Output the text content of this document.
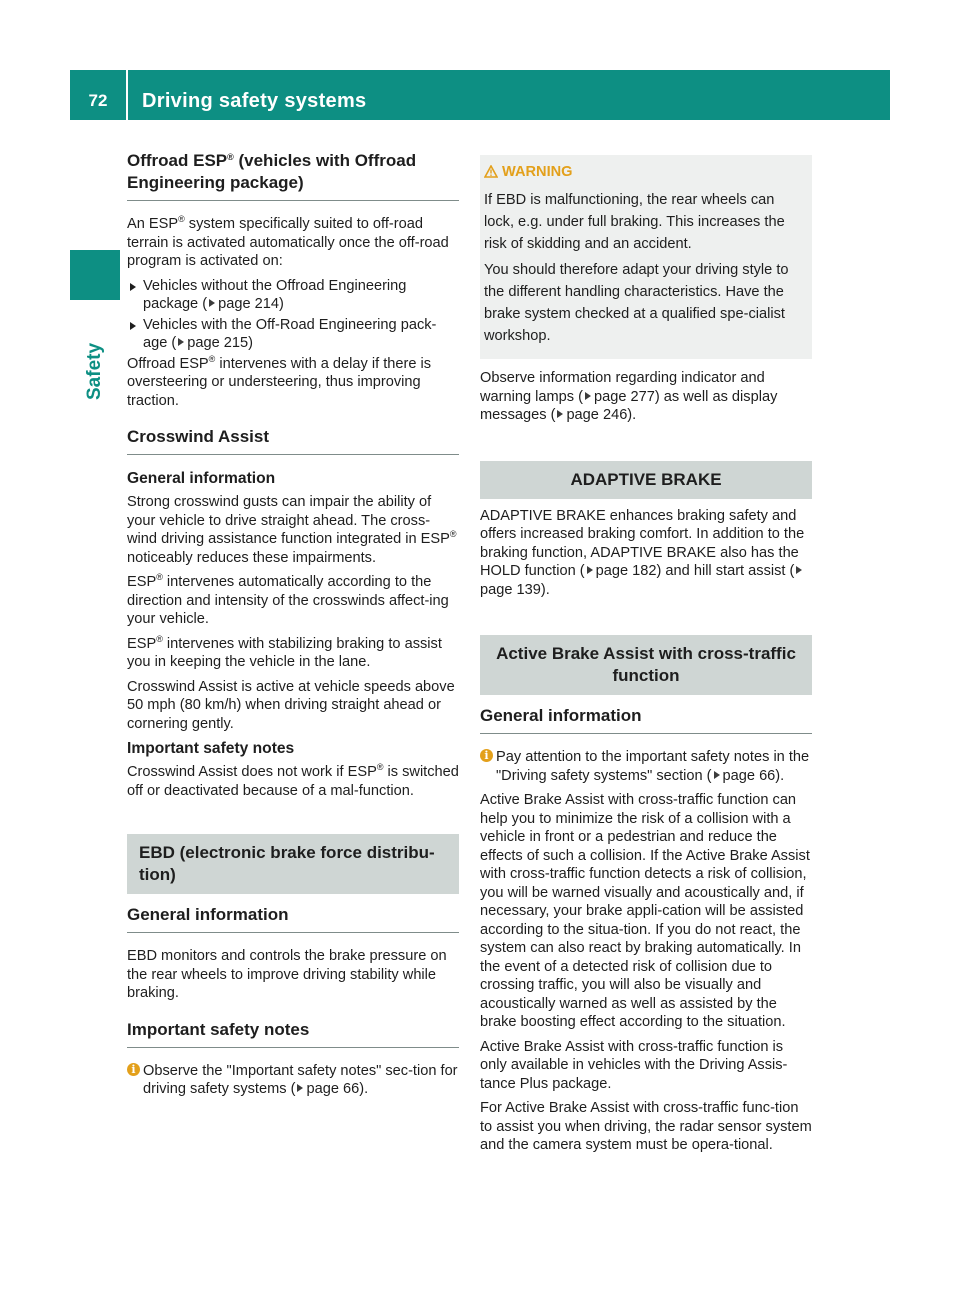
72	Driving safety systems
Safety
Offroad ESP® (vehicles with Offroad Engineering package)

An ESP® system specifically suited to off-road terrain is activated automatically once the off-road program is activated on:

Vehicles without the Offroad Engineering package ( page 214)
Vehicles with the Off-Road Engineering pack-age ( page 215)

Offroad ESP® intervenes with a delay if there is oversteering or understeering, thus improving traction.

Crosswind Assist
General information

Strong crosswind gusts can impair the ability of your vehicle to drive straight ahead. The cross-wind driving assistance function integrated in ESP® noticeably reduces these impairments.

ESP® intervenes automatically according to the direction and intensity of the crosswinds affect-ing your vehicle.

ESP® intervenes with stabilizing braking to assist you in keeping the vehicle in the lane.

Crosswind Assist is active at vehicle speeds above 50 mph (80 km/h) when driving straight ahead or cornering gently.

Important safety notes

Crosswind Assist does not work if ESP® is switched off or deactivated because of a mal-function.

EBD (electronic brake force distribu-tion)
General information

EBD monitors and controls the brake pressure on the rear wheels to improve driving stability while braking.

Important safety notes

i Observe the "Important safety notes" sec-tion for driving safety systems ( page 66).

WARNING

If EBD is malfunctioning, the rear wheels can lock, e.g. under full braking. This increases the risk of skidding and an accident.

You should therefore adapt your driving style to the different handling characteristics. Have the brake system checked at a qualified spe-cialist workshop.

Observe information regarding indicator and warning lamps ( page 277) as well as display messages ( page 246).

ADAPTIVE BRAKE

ADAPTIVE BRAKE enhances braking safety and offers increased braking comfort. In addition to the braking function, ADAPTIVE BRAKE also has the HOLD function ( page 182) and hill start assist (page 139).

Active Brake Assist with cross-traffic function
General information

i Pay attention to the important safety notes in the "Driving safety systems" section ( page 66).

Active Brake Assist with cross-traffic function can help you to minimize the risk of a collision with a vehicle in front or a pedestrian and reduce the effects of such a collision. If the Active Brake Assist with cross-traffic function detects a risk of collision, you will be warned visually and acoustically and, if necessary, your brake appli-cation will be assisted according to the situa-tion. If you do not react, the system can also react by braking automatically. In the event of a detected risk of collision due to crossing traffic, you will also be visually and acoustically warned as well as assisted by the brake boosting effect according to the situation.

Active Brake Assist with cross-traffic function is only available in vehicles with the Driving Assis-tance Plus package.

For Active Brake Assist with cross-traffic func-tion to assist you when driving, the radar sensor system and the camera system must be opera-tional.
